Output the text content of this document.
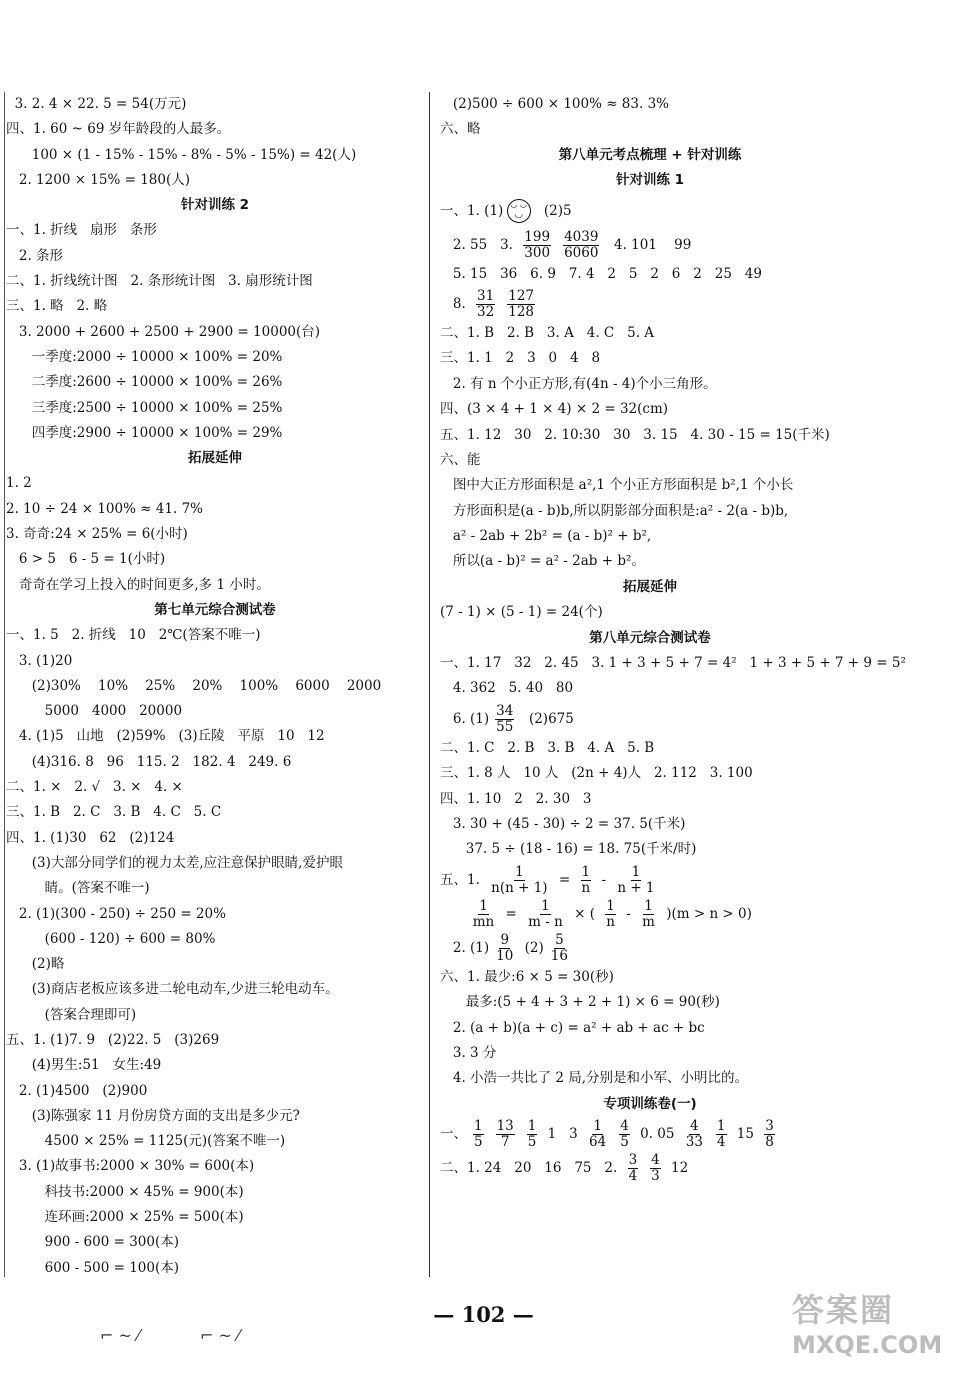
3. 2. 4 × 22. 5 = 54(万元)
四、1. 60 ~ 69 岁年龄段的人最多。
100 × (1 - 15% - 15% - 8% - 5% - 15%) = 42(人)
2. 1200 × 15% = 180(人)
针对训练 2
一、1. 折线   扇形   条形
2. 条形
二、1. 折线统计图   2. 条形统计图   3. 扇形统计图
三、1. 略   2. 略
3. 2000 + 2600 + 2500 + 2900 = 10000(台)
一季度:2000 ÷ 10000 × 100% = 20%
二季度:2600 ÷ 10000 × 100% = 26%
三季度:2500 ÷ 10000 × 100% = 25%
四季度:2900 ÷ 10000 × 100% = 29%
拓展延伸
1. 2
2. 10 ÷ 24 × 100% ≈ 41. 7%
3. 奇奇:24 × 25% = 6(小时)
6 > 5   6 - 5 = 1(小时)
奇奇在学习上投入的时间更多,多 1 小时。
第七单元综合测试卷
一、1. 5   2. 折线   10   2℃(答案不唯一)
3. (1)20
(2)30%    10%    25%    20%    100%    6000    2000
5000   4000   20000
4. (1)5   山地   (2)59%   (3)丘陵   平原   10   12
(4)316. 8   96   115. 2   182. 4   249. 6
二、1. ×   2. √   3. ×   4. ×
三、1. B   2. C   3. B   4. C   5. C
四、1. (1)30   62   (2)124
(3)大部分同学们的视力太差,应注意保护眼睛,爱护眼
睛。(答案不唯一)
2. (1)(300 - 250) ÷ 250 = 20%
(600 - 120) ÷ 600 = 80%
(2)略
(3)商店老板应该多进二轮电动车,少进三轮电动车。
(答案合理即可)
五、1. (1)7. 9   (2)22. 5   (3)269
(4)男生:51   女生:49
2. (1)4500   (2)900
(3)陈强家 11 月份房贷方面的支出是多少元?
4500 × 25% = 1125(元)(答案不唯一)
3. (1)故事书:2000 × 30% = 600(本)
科技书:2000 × 45% = 900(本)
连环画:2000 × 25% = 500(本)
900 - 600 = 300(本)
600 - 500 = 100(本)
(2)500 ÷ 600 × 100% ≈ 83. 3%
六、略
第八单元考点梳理 + 针对训练
针对训练 1
一、1. (1)◡ ◡ ◡  (2)5
2. 55   3. $\frac{199}{300} \frac{4039}{6060} 4$. 101    99
5. 15   36   6. 9   7. 4   2   5   2   6   2   25   49
8. $\frac{31}{32} \frac{127}{128}$
二、1. B   2. B   3. A   4. C   5. A
三、1. 1   2   3   0   4   8
2. 有 n 个小正方形,有(4n - 4)个小三角形。
四、(3 × 4 + 1 × 4) × 2 = 32(cm)
五、1. 12   30   2. 10:30   30   3. 15   4. 30 - 15 = 15(千米)
六、能
图中大正方形面积是 a²,1 个小正方形面积是 b²,1 个小长
方形面积是(a - b)b,所以阴影部分面积是:a² - 2(a - b)b,
a² - 2ab + 2b² = (a - b)² + b²,
所以(a - b)² = a² - 2ab + b²。
拓展延伸
(7 - 1) × (5 - 1) = 24(个)
第八单元综合测试卷
一、1. 17   32   2. 45   3. 1 + 3 + 5 + 7 = 4²   1 + 3 + 5 + 7 + 9 = 5²
4. 362   5. 40   80
6. $(1) \frac{34}{55} (2)675$
二、1. C   2. B   3. B   4. A   5. B
三、1. 8 人   10 人   (2n + 4)人   2. 112   3. 100
四、1. 10   2   2. 30   3
3. 30 + (45 - 30) ÷ 2 = 37. 5(千米)
37. 5 ÷ (18 - 16) = 18. 75(千米/时)
五、1. $\frac{1}{n(n + 1)} = \frac{1}{n} - \frac{1}{n + 1}$

$\frac{1}{mn} = \frac{1}{m - n}$ × ( $\frac{1}{n} - \frac{1}{m} )(m > n > 0)$
2. $(1) \frac{9}{10} (2) \frac{5}{16}$
六、1. 最少:6 × 5 = 30(秒)
最多:(5 + 4 + 3 + 2 + 1) × 6 = 90(秒)
2. (a + b)(a + c) = a² + ab + ac + bc
3. 3 分
4. 小浩一共比了 2 局,分别是和小军、小明比的。
专项训练卷(一)
一、 $\frac{1}{5} \frac{13}{7} \frac{1}{5} 1$   $3 \frac{1}{64} \frac{4}{5} 0$. $05 \frac{4}{33} \frac{1}{4} 15 \frac{3}{8}$
二、1. 24   20   16   75   2. $\frac{3}{4} \frac{4}{3} 12$
— 102 —
⌐ ~ ⁄	⌐ ~ ⁄
答案圈
MXQE.COM
